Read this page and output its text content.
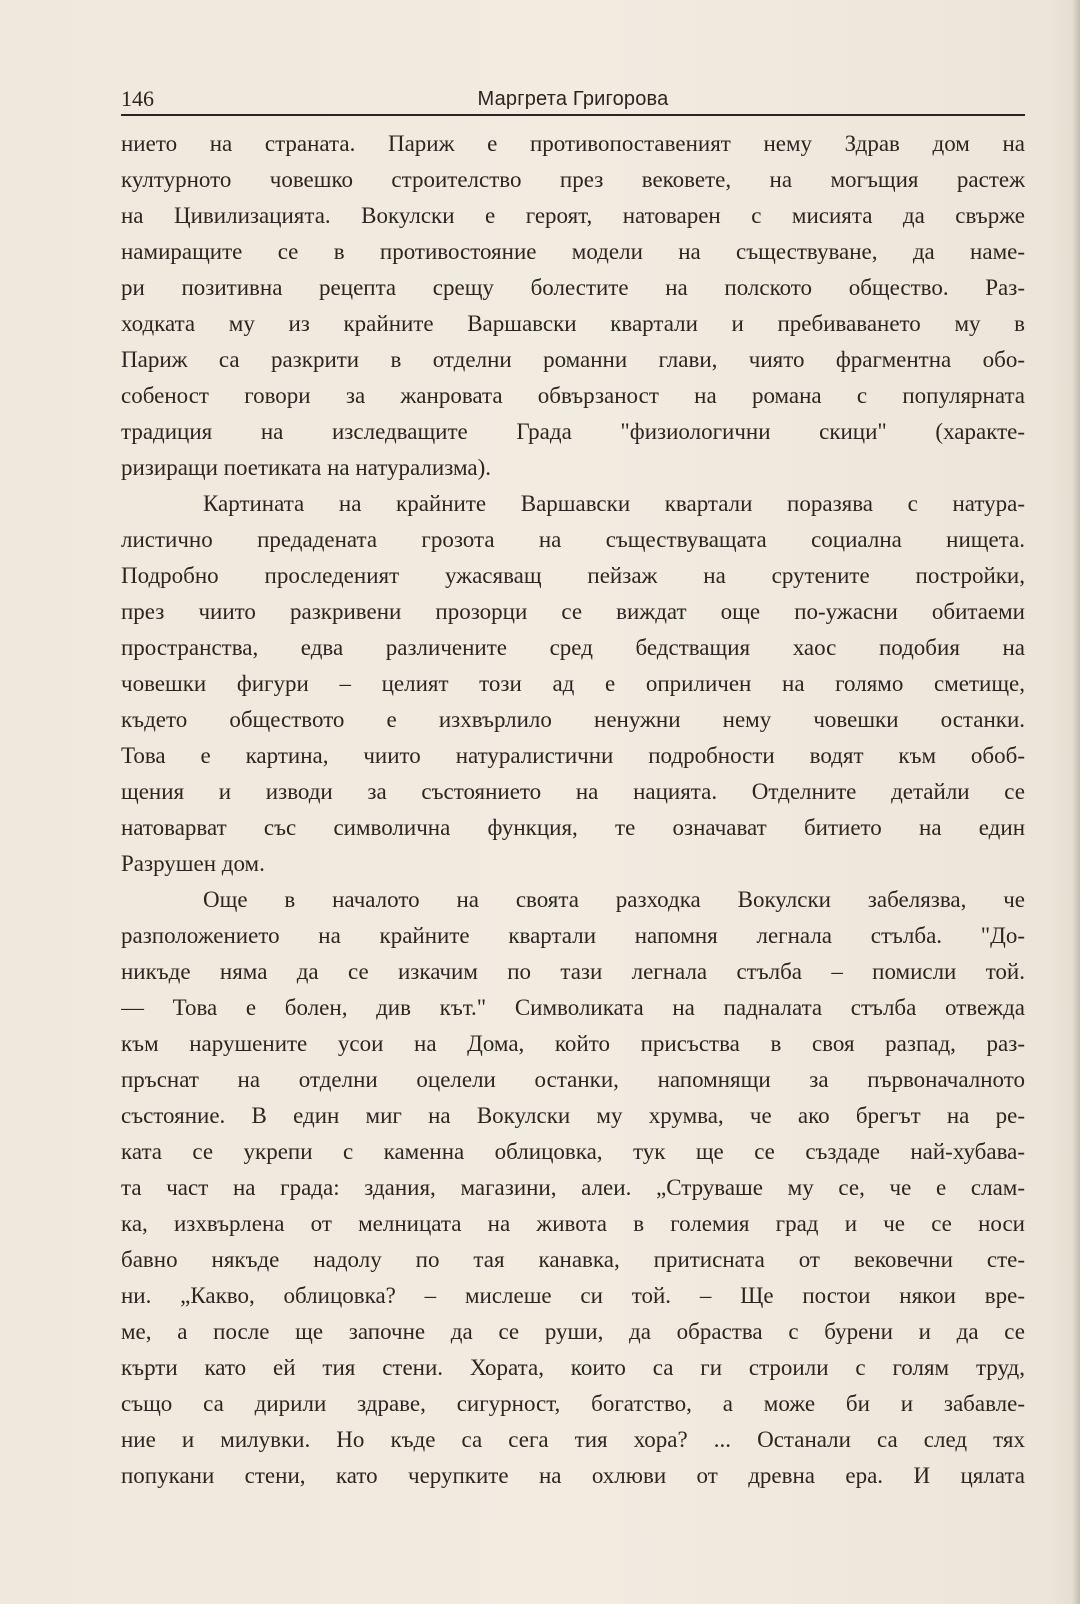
146	Маргрета Григорова
нието на страната. Париж е противопоставеният нему Здрав дом на
културното човешко строителство през вековете, на могъщия растеж
на Цивилизацията. Вокулски е героят, натоварен с мисията да свърже
намиращите се в противостояние модели на съществуване, да наме-
ри позитивна рецепта срещу болестите на полското общество. Раз-
ходката му из крайните Варшавски квартали и пребиваването му в
Париж са разкрити в отделни романни глави, чиято фрагментна обо-
собеност говори за жанровата обвързаност на романа с популярната
традиция на изследващите Града "физиологични скици" (характе-
ризиращи поетиката на натурализма).
Картината на крайните Варшавски квартали поразява с натура-
листично предадената грозота на съществуващата социална нищета.
Подробно проследеният ужасяващ пейзаж на срутените постройки,
през чиито разкривени прозорци се виждат още по-ужасни обитаеми
пространства, едва различените сред бедстващия хаос подобия на
човешки фигури – целият този ад е оприличен на голямо сметище,
където обществото е изхвърлило ненужни нему човешки останки.
Това е картина, чиито натуралистични подробности водят към обоб-
щения и изводи за състоянието на нацията. Отделните детайли се
натоварват със символична функция, те означават битието на един
Разрушен дом.
Още в началото на своята разходка Вокулски забелязва, че
разположението на крайните квартали напомня легнала стълба. "До-
никъде няма да се изкачим по тази легнала стълба – помисли той.
— Това е болен, див кът." Символиката на падналата стълба отвежда
към нарушените усои на Дома, който присъства в своя разпад, раз-
пръснат на отделни оцелели останки, напомнящи за първоначалното
състояние. В един миг на Вокулски му хрумва, че ако брегът на ре-
ката се укрепи с каменна облицовка, тук ще се създаде най-хубава-
та част на града: здания, магазини, алеи. „Струваше му се, че е слам-
ка, изхвърлена от мелницата на живота в големия град и че се носи
бавно някъде надолу по тая канавка, притисната от вековечни сте-
ни. „Какво, облицовка? – мислеше си той. – Ще постои някои вре-
ме, а после ще започне да се руши, да обраства с бурени и да се
кърти като ей тия стени. Хората, които са ги строили с голям труд,
също са дирили здраве, сигурност, богатство, а може би и забавле-
ние и милувки. Но къде са сега тия хора? ... Останали са след тях
попукани стени, като черупките на охлюви от древна ера. И цялата
